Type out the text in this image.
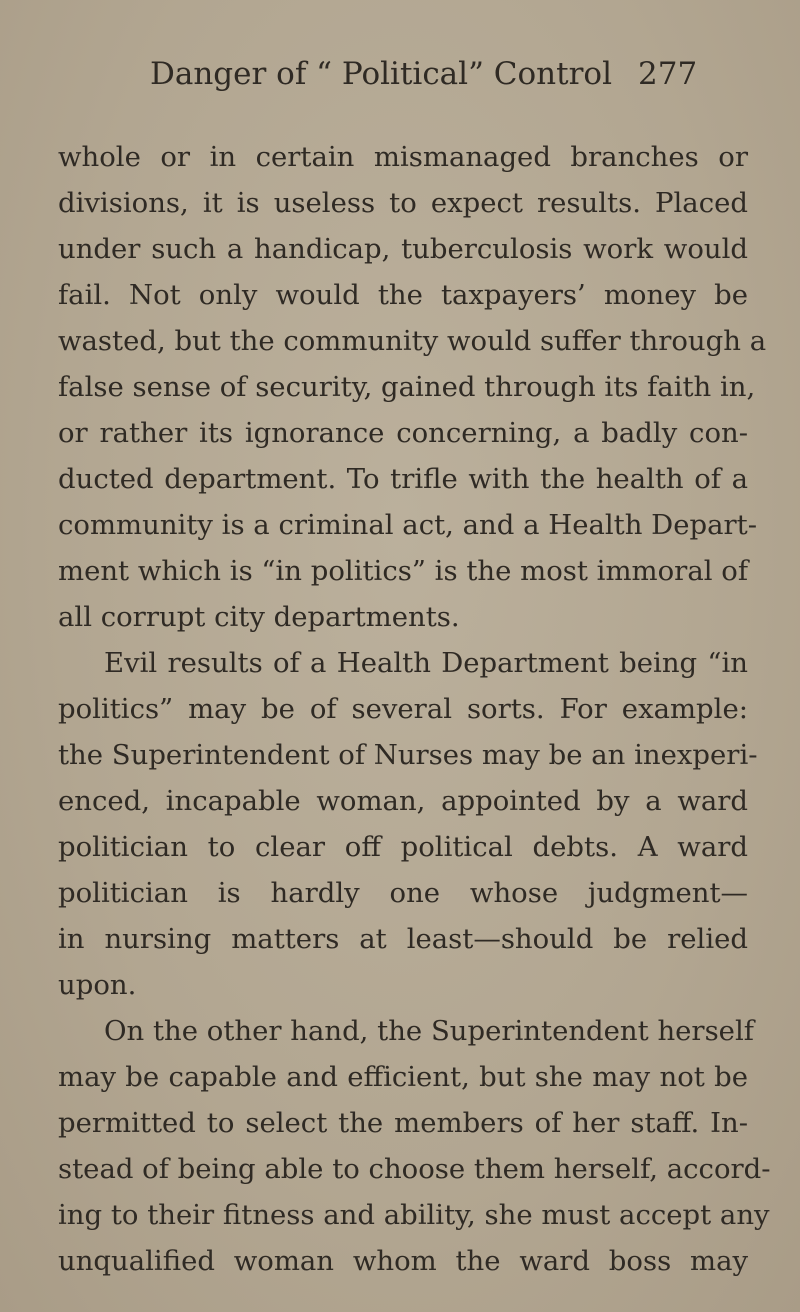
Danger of “ Political” Control 277
whole or in certain mismanaged branches or
divisions, it is useless to expect results. Placed
under such a handicap, tuberculosis work would
fail. Not only would the taxpayers’ money be
wasted, but the community would suffer through a
false sense of security, gained through its faith in,
or rather its ignorance concerning, a badly con-
ducted department. To trifle with the health of a
community is a criminal act, and a Health Depart-
ment which is “in politics” is the most immoral of
all corrupt city departments.
Evil results of a Health Department being “in
politics” may be of several sorts. For example:
the Superintendent of Nurses may be an inexperi-
enced, incapable woman, appointed by a ward
politician to clear off political debts. A ward
politician is hardly one whose judgment—
in nursing matters at least—should be relied
upon.
On the other hand, the Superintendent herself
may be capable and efficient, but she may not be
permitted to select the members of her staff. In-
stead of being able to choose them herself, accord-
ing to their fitness and ability, she must accept any
unqualified woman whom the ward boss may
